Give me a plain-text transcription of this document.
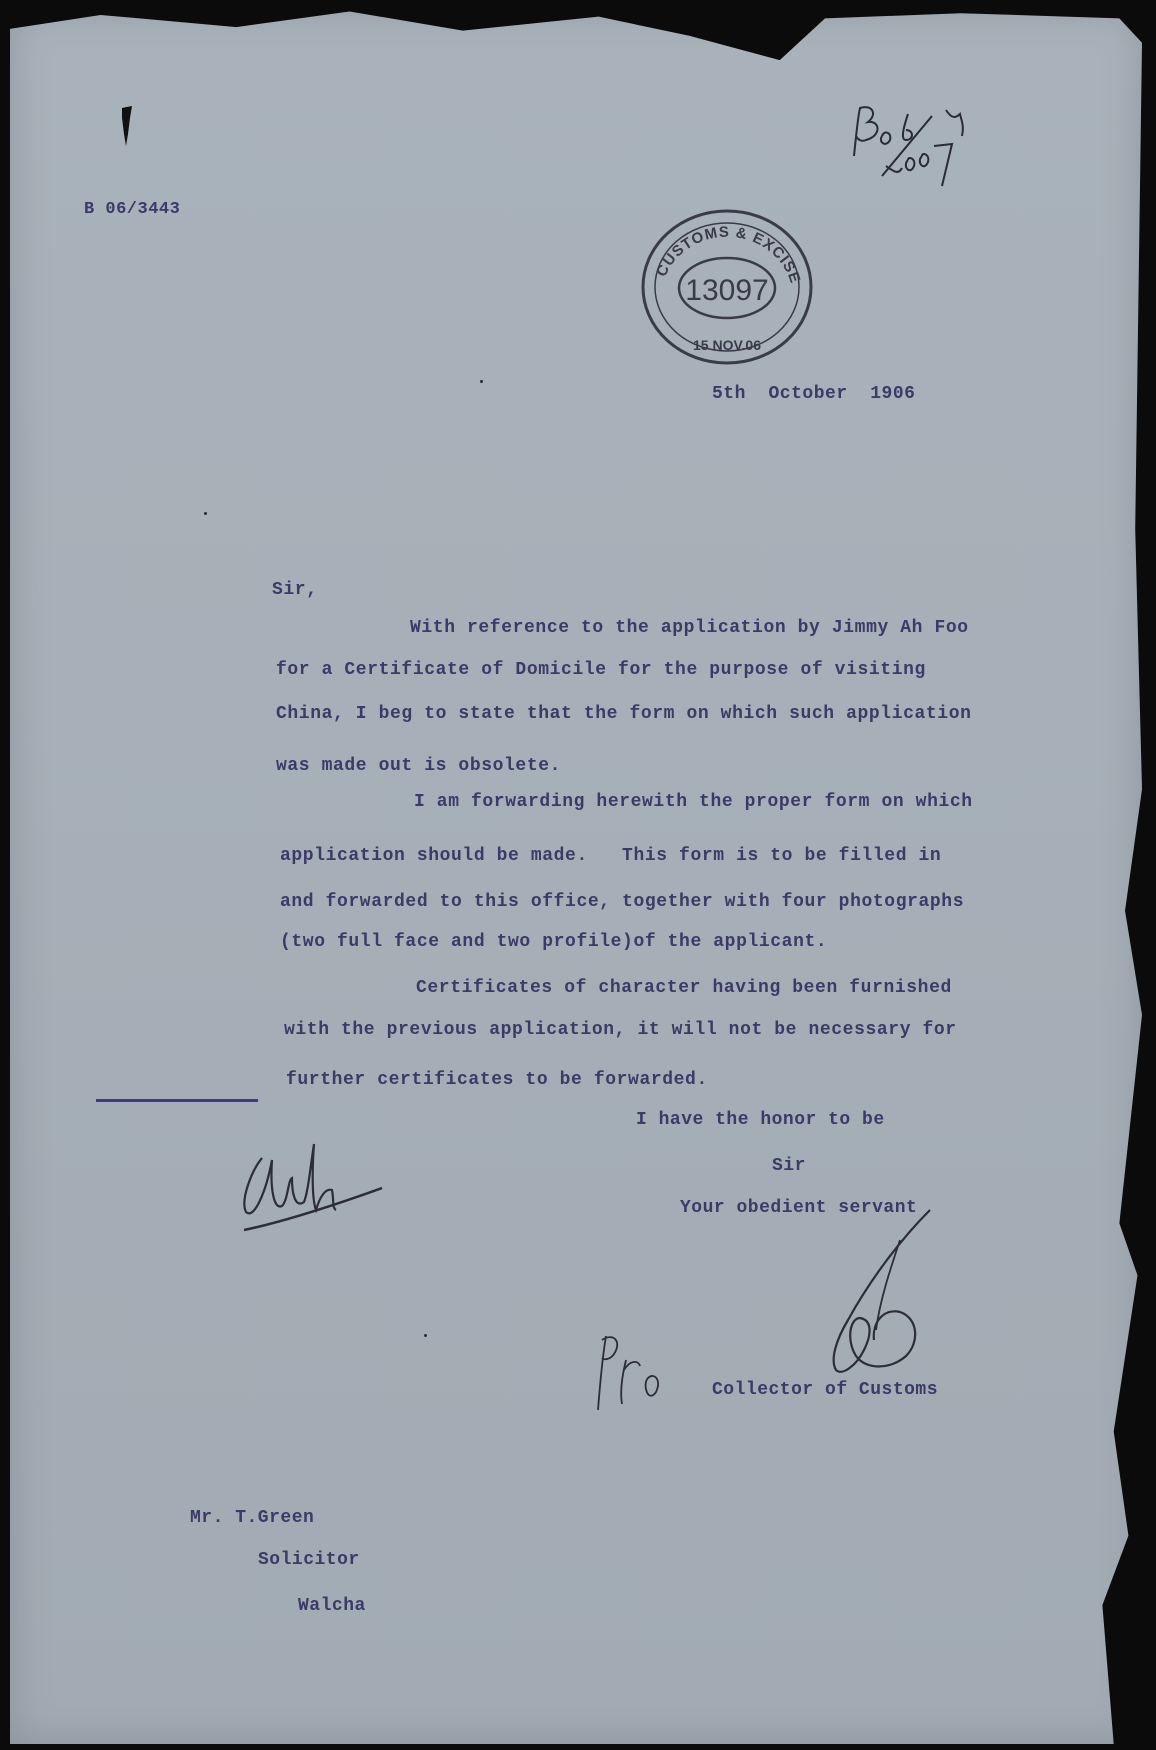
B 06/3443
CUSTOMS & EXCISE
13097
15 NOV.06
5th  October  1906
Sir,
With reference to the application by Jimmy Ah Foo
for a Certificate of Domicile for the purpose of visiting
China, I beg to state that the form on which such application
was made out is obsolete.
I am forwarding herewith the proper form on which
application should be made.   This form is to be filled in
and forwarded to this office, together with four photographs
(two full face and two profile)of the applicant.
Certificates of character having been furnished
with the previous application, it will not be necessary for
further certificates to be forwarded.
I have the honor to be
Sir
Your obedient servant
Collector of Customs
Mr. T.Green
Solicitor
Walcha
